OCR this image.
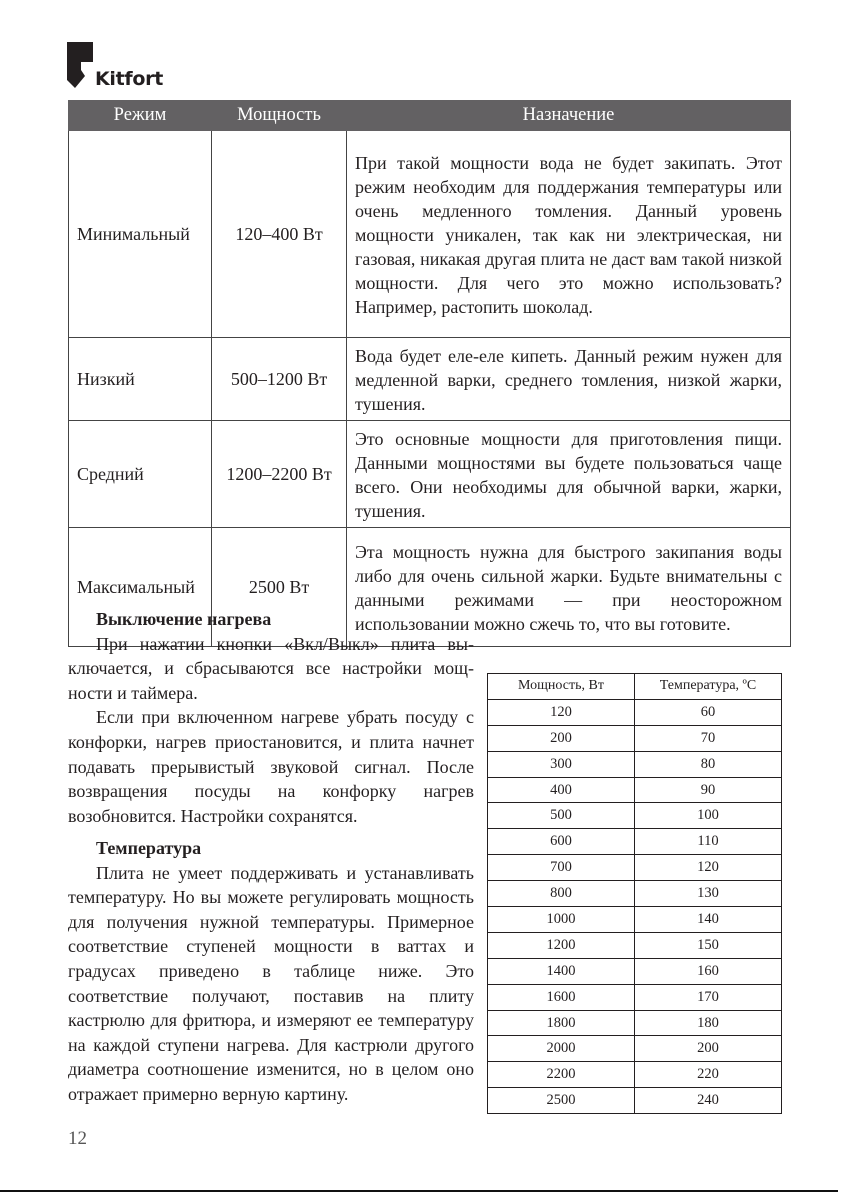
Kitfort
Режим	Мощность	Назначение
Минимальный	120–400 Вт	При такой мощности вода не будет закипать. Этот режим необходим для поддержания температуры или очень медленного томления. Данный уровень мощности уникален, так как ни электрическая, ни газовая, никакая другая плита не даст вам такой низкой мощности. Для чего это можно использовать? Например, растопить шоколад.
Низкий	500–1200 Вт	Вода будет еле-еле кипеть. Данный режим нужен для медленной варки, среднего томления, низкой жарки, тушения.
Средний	1200–2200 Вт	Это основные мощности для приготовления пищи. Данными мощностями вы будете пользоваться чаще всего. Они необходимы для обычной варки, жарки, тушения.
Максимальный	2500 Вт	Эта мощность нужна для быстрого закипания воды либо для очень сильной жарки. Будьте внимательны с данными режимами — при неосторожном использовании можно сжечь то, что вы готовите.
Выключение нагрева

При нажатии кнопки «Вкл/Выкл» плита выключается, и сбрасываются все настройки мощности и таймера.

Если при включенном нагреве убрать посуду с конфорки, нагрев приостановится, и плита начнет подавать прерывистый звуковой сигнал. После возвращения посуды на конфорку нагрев возобновится. Настройки сохранятся.

Температура

Плита не умеет поддерживать и устанавливать температуру. Но вы можете регулировать мощность для получения нужной температуры. Примерное соответствие ступеней мощности в ваттах и градусах приведено в таблице ниже. Это соответствие получают, поставив на плиту кастрюлю для фритюра, и измеряют ее температуру на каждой ступени нагрева. Для кастрюли другого диаметра соотношение изменится, но в целом оно отражает примерно верную картину.

Мощность, Вт	Температура, ºС
120	60
200	70
300	80
400	90
500	100
600	110
700	120
800	130
1000	140
1200	150
1400	160
1600	170
1800	180
2000	200
2200	220
2500	240
12
